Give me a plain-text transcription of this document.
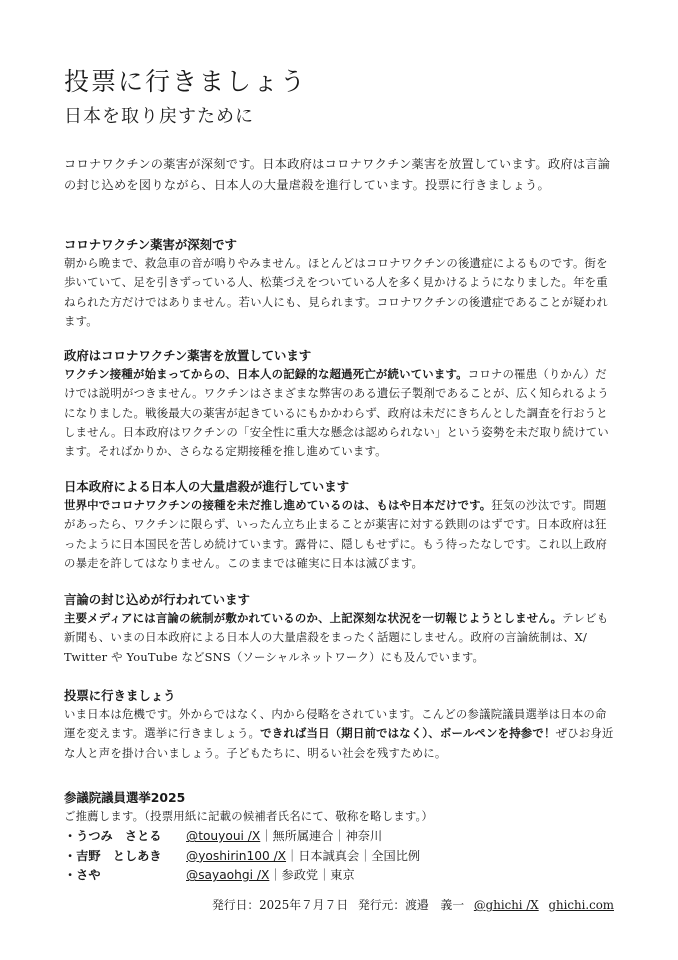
投票に行きましょう
日本を取り戻すために

コロナワクチンの薬害が深刻です。日本政府はコロナワクチン薬害を放置しています。政府は言論の封じ込めを図りながら、日本人の大量虐殺を進行しています。投票に行きましょう。

コロナワクチン薬害が深刻です

朝から晩まで、救急車の音が鳴りやみません。ほとんどはコロナワクチンの後遺症によるものです。街を歩いていて、足を引きずっている人、松葉づえをついている人を多く見かけるようになりました。年を重ねられた方だけではありません。若い人にも、見られます。コロナワクチンの後遺症であることが疑われます。

政府はコロナワクチン薬害を放置しています

ワクチン接種が始まってからの、日本人の記録的な超過死亡が続いています。コロナの罹患（りかん）だけでは説明がつきません。ワクチンはさまざまな弊害のある遺伝子製剤であることが、広く知られるようになりました。戦後最大の薬害が起きているにもかかわらず、政府は未だにきちんとした調査を行おうとしません。日本政府はワクチンの「安全性に重大な懸念は認められない」という姿勢を未だ取り続けています。そればかりか、さらなる定期接種を推し進めています。

日本政府による日本人の大量虐殺が進行しています

世界中でコロナワクチンの接種を未だ推し進めているのは、もはや日本だけです。狂気の沙汰です。問題があったら、ワクチンに限らず、いったん立ち止まることが薬害に対する鉄則のはずです。日本政府は狂ったように日本国民を苦しめ続けています。露骨に、隠しもせずに。もう待ったなしです。これ以上政府の暴走を許してはなりません。このままでは確実に日本は滅びます。

言論の封じ込めが行われています

主要メディアには言論の統制が敷かれているのか、上記深刻な状況を一切報じようとしません。テレビも新聞も、いまの日本政府による日本人の大量虐殺をまったく話題にしません。政府の言論統制は、X/ Twitter や YouTube などSNS（ソーシャルネットワーク）にも及んでいます。

投票に行きましょう

いま日本は危機です。外からではなく、内から侵略をされています。こんどの参議院議員選挙は日本の命運を変えます。選挙に行きましょう。できれば当日（期日前ではなく）、ボールペンを持参で！ぜひお身近な人と声を掛け合いましょう。子どもたちに、明るい社会を残すために。

参議院議員選挙2025

ご推薦します。（投票用紙に記載の候補者氏名にて、敬称を略します。）

・うつみ　さとる	@touyoui /X ｜無所属連合｜神奈川
・吉野　としあき	@yoshirin100 /X ｜日本誠真会｜全国比例
・さや	@sayaohgi /X ｜参政党｜東京
発行日：2025年７月７日 発行元：渡邉　義一 @ghichi /X ghichi.com
